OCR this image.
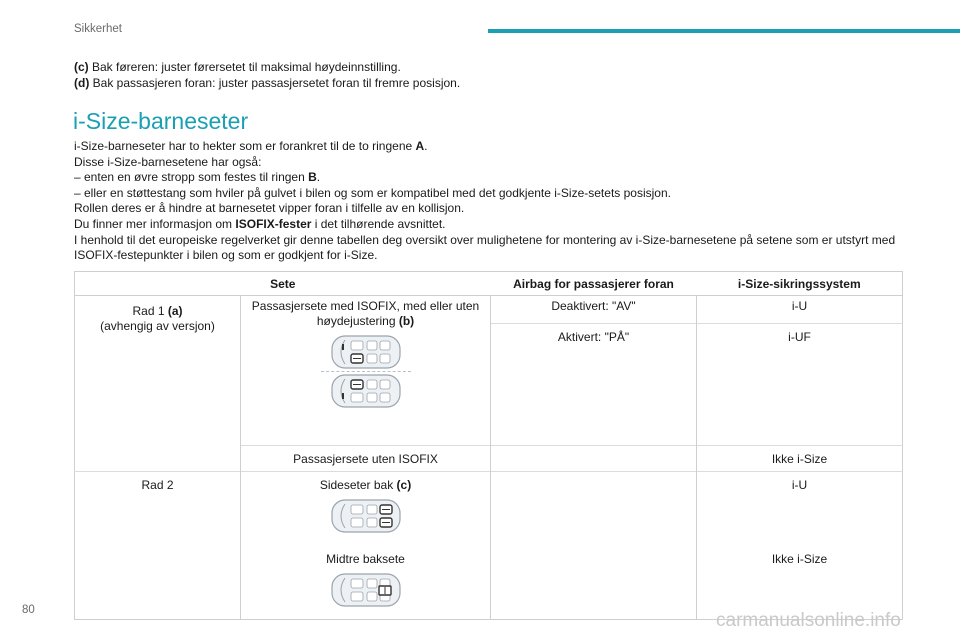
Sikkerhet

(c) Bak føreren: juster førersetet til maksimal høydeinnstilling.

(d) Bak passasjeren foran: juster passasjersetet foran til fremre posisjon.

i-Size-barneseter
i-Size-barneseter har to hekter som er forankret til de to ringene A.
Disse i-Size-barnesetene har også:
– enten en øvre stropp som festes til ringen B.
– eller en støttestang som hviler på gulvet i bilen og som er kompatibel med det godkjente i-Size-setets posisjon.
Rollen deres er å hindre at barnesetet vipper foran i tilfelle av en kollisjon.
Du finner mer informasjon om ISOFIX-fester i det tilhørende avsnittet.
I henhold til det europeiske regelverket gir denne tabellen deg oversikt over mulighetene for montering av i-Size-barnesetene på setene som er utstyrt med ISOFIX-festepunkter i bilen og som er godkjent for i-Size.
Sete		Airbag for passasjerer foran	i-Size-sikringssystem
Rad 1 (a)
(avhengig av versjon)	Passasjersete med ISOFIX, med eller uten høydejustering (b)	Deaktivert: "AV"	i-U
		Aktivert: "PÅ"	i-UF
	Passasjersete uten ISOFIX		Ikke i-Size
Rad 2	Sideseter bak (c)		i-U
	Midtre baksete		Ikke i-Size
80	carmanualsonline.info
